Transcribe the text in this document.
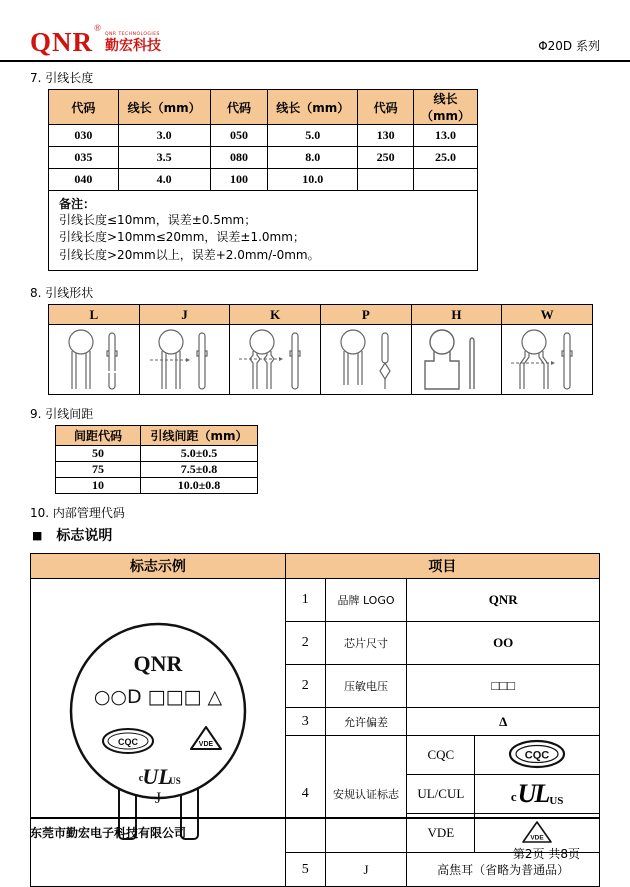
QNR ®
QNR TECHNOLOGIES
勤宏科技	Φ20D 系列
7. 引线长度
代码	线长（mm）	代码	线长（mm）	代码	线长（mm）
030	3.0	050	5.0	130	13.0
035	3.5	080	8.0	250	25.0
040	4.0	100	10.0		

备注：
引线长度≤10mm，误差±0.5mm；
引线长度>10mm≤20mm，误差±1.0mm；
引线长度>20mm以上，误差+2.0mm/-0mm。					
8. 引线形状
L	J	K	P	H	W

9. 引线间距
间距代码	引线间距（mm）
50	5.0±0.5
75	7.5±0.8
10	10.0±0.8
10. 内部管理代码
■ 标志说明
标志示例	项目			

QNR
○○D □□□ △
CQC	VDE
c UL
US
J
	1	品牌 LOGO	QNR
	2	芯片尺寸	OO	
	2	压敏电压	□□□	
	3	允许偏差	Δ	
	4	安规认证标志	CQC	CQC

			UL/CUL	c UL US

			VDE	VDE

	5	J	高焦耳（省略为普通品）	
东莞市勤宏电子科技有限公司
第2页 共8页
